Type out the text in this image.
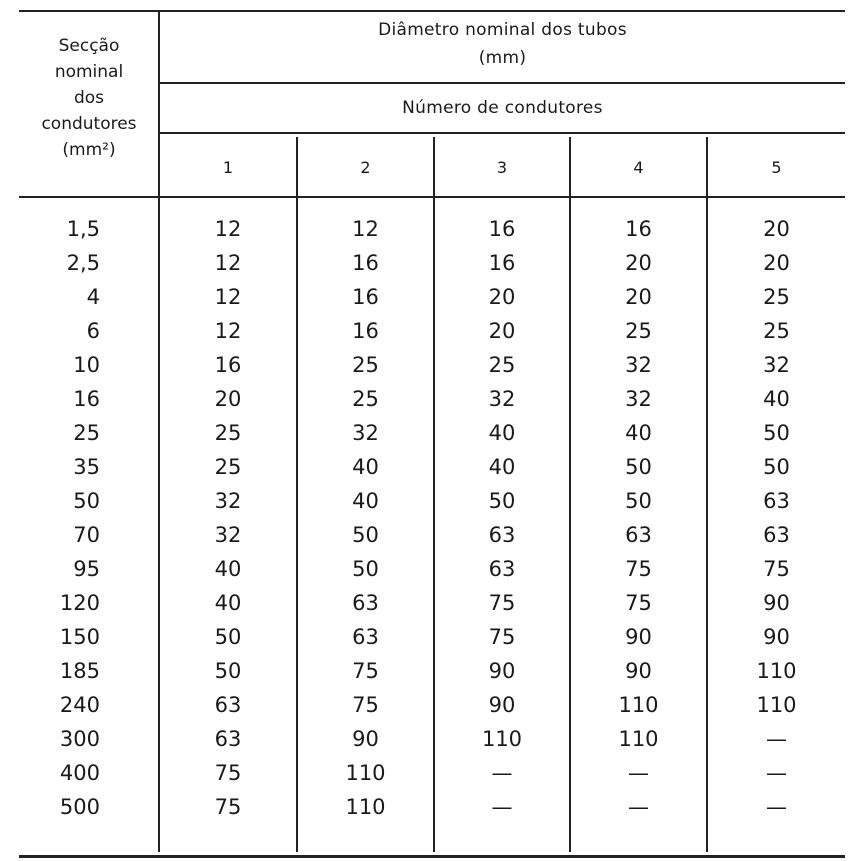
Secção
nominal
dos
condutores
(mm²)
Diâmetro nominal dos tubos
(mm)
Número de condutores
1	2	3	4	5
1,5	12	12	16	16	20
2,5	12	16	16	20	20
4	12	16	20	20	25
6	12	16	20	25	25
10	16	25	25	32	32
16	20	25	32	32	40
25	25	32	40	40	50
35	25	40	40	50	50
50	32	40	50	50	63
70	32	50	63	63	63
95	40	50	63	75	75
120	40	63	75	75	90
150	50	63	75	90	90
185	50	75	90	90	110
240	63	75	90	110	110
300	63	90	110	110	—
400	75	110	—	—	—
500	75	110	—	—	—
